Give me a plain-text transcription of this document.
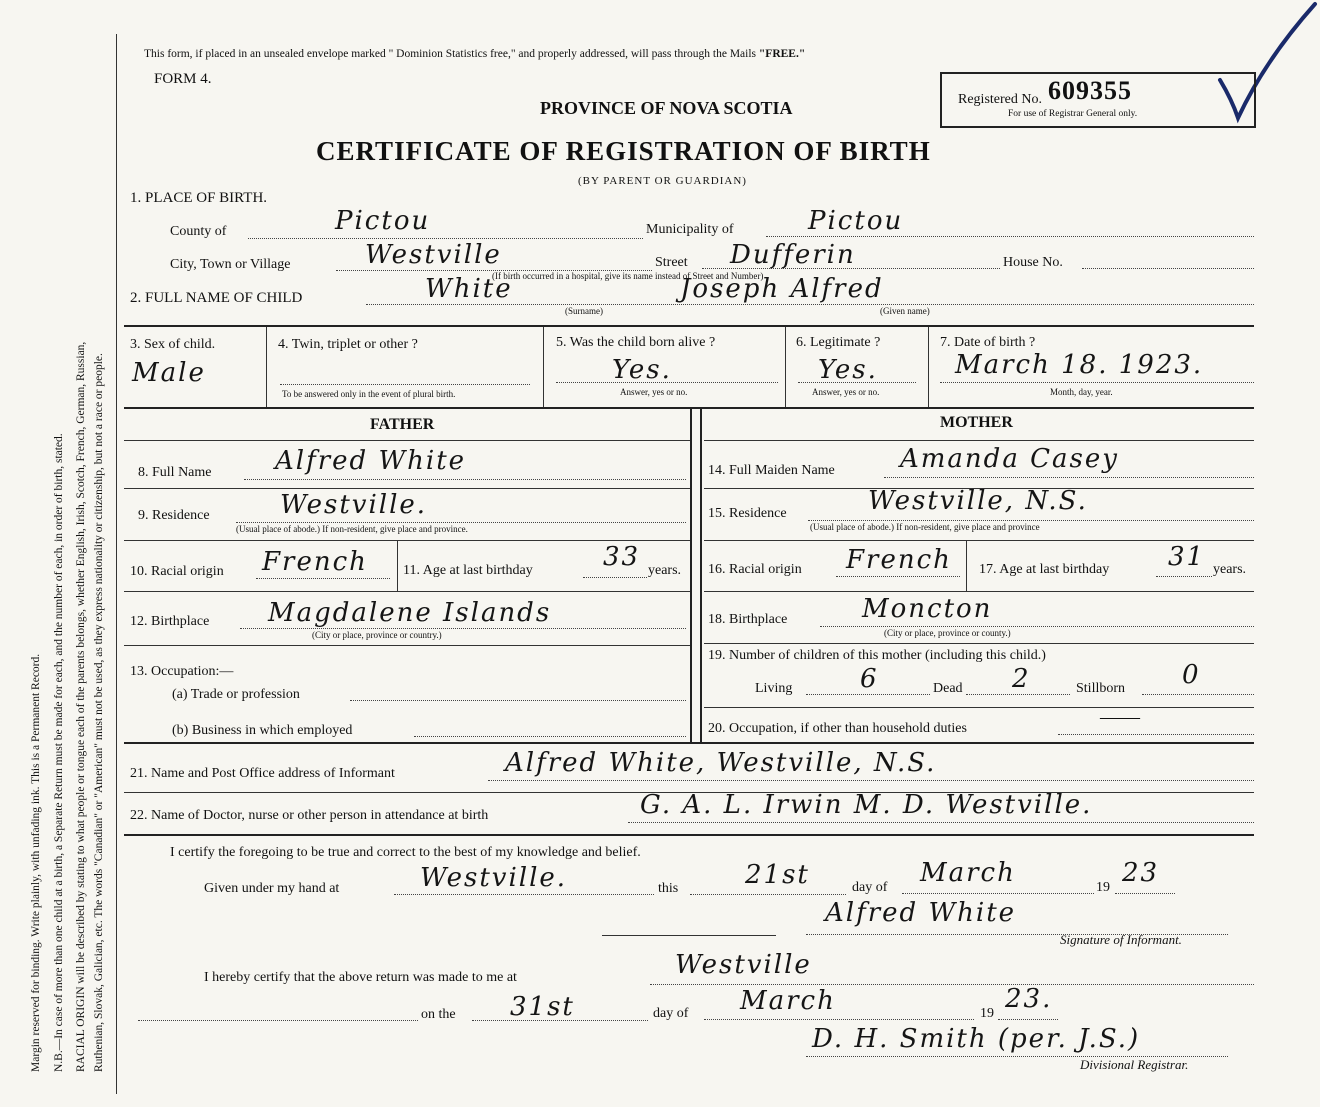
Margin reserved for binding. Write plainly, with unfading ink. This is a Permanent Record. N.B.—In case of more than one child at a birth, a Separate Return must be made for each, and the number of each, in order of birth, stated. RACIAL ORIGIN will be described by stating to what people or tongue each of the parents belongs, whether English, Irish, Scotch, French, German, Russian, Ruthenian, Slovak, Galician, etc. The words "Canadian" or "American" must not be used, as they express nationality or citizenship, but not a race or people.
This form, if placed in an unsealed envelope marked " Dominion Statistics free," and properly addressed, will pass through the Mails "FREE."
FORM 4.
PROVINCE OF NOVA SCOTIA	Registered No. 609355
For use of Registrar General only.
CERTIFICATE OF REGISTRATION OF BIRTH
(BY PARENT OR GUARDIAN)
1. PLACE OF BIRTH.
County of	Pictou	Municipality of	Pictou
City, Town or Village	Westville	Street Dufferin	House No.
(If birth occurred in a hospital, give its name instead of Street and Number)
2. FULL NAME OF CHILD	White	Joseph Alfred
(Surname)	(Given name)
3. Sex of child.
Male
4. Twin, triplet or other ?
To be answered only in the event of plural birth.
5. Was the child born alive ?
Yes.
Answer, yes or no.
6. Legitimate ?
Yes.
Answer, yes or no.
7. Date of birth ?
March 18. 1923.
Month, day, year.
FATHER	MOTHER
8. Full Name Alfred White
9. Residence	Westville.
(Usual place of abode.) If non-resident, give place and province.
10. Racial origin French	11. Age at last birthday	33 years.
12. Birthplace Magdalene Islands
(City or place, province or country.)
13. Occupation:—
(a) Trade or profession
(b) Business in which employed
14. Full Maiden Name	Amanda Casey
15. Residence	Westville, N.S.
(Usual place of abode.) If non-resident, give place and province
16. Racial origin French 17. Age at last birthday 31 years.
18. Birthplace	Moncton
(City or place, province or county.)
19. Number of children of this mother (including this child.)
Living	6	Dead 2	Stillborn 0
20. Occupation, if other than household duties
——
21. Name and Post Office address of Informant	Alfred White, Westville, N.S.
22. Name of Doctor, nurse or other person in attendance at birth	G. A. L. Irwin M. D. Westville.
I certify the foregoing to be true and correct to the best of my knowledge and belief.
Given under my hand at	Westville.	this	21st	day of March	19 23
Alfred White
Signature of Informant.
I hereby certify that the above return was made to me at	Westville
on the 31st	day of March	19 23.
D. H. Smith (per. J.S.)
Divisional Registrar.
